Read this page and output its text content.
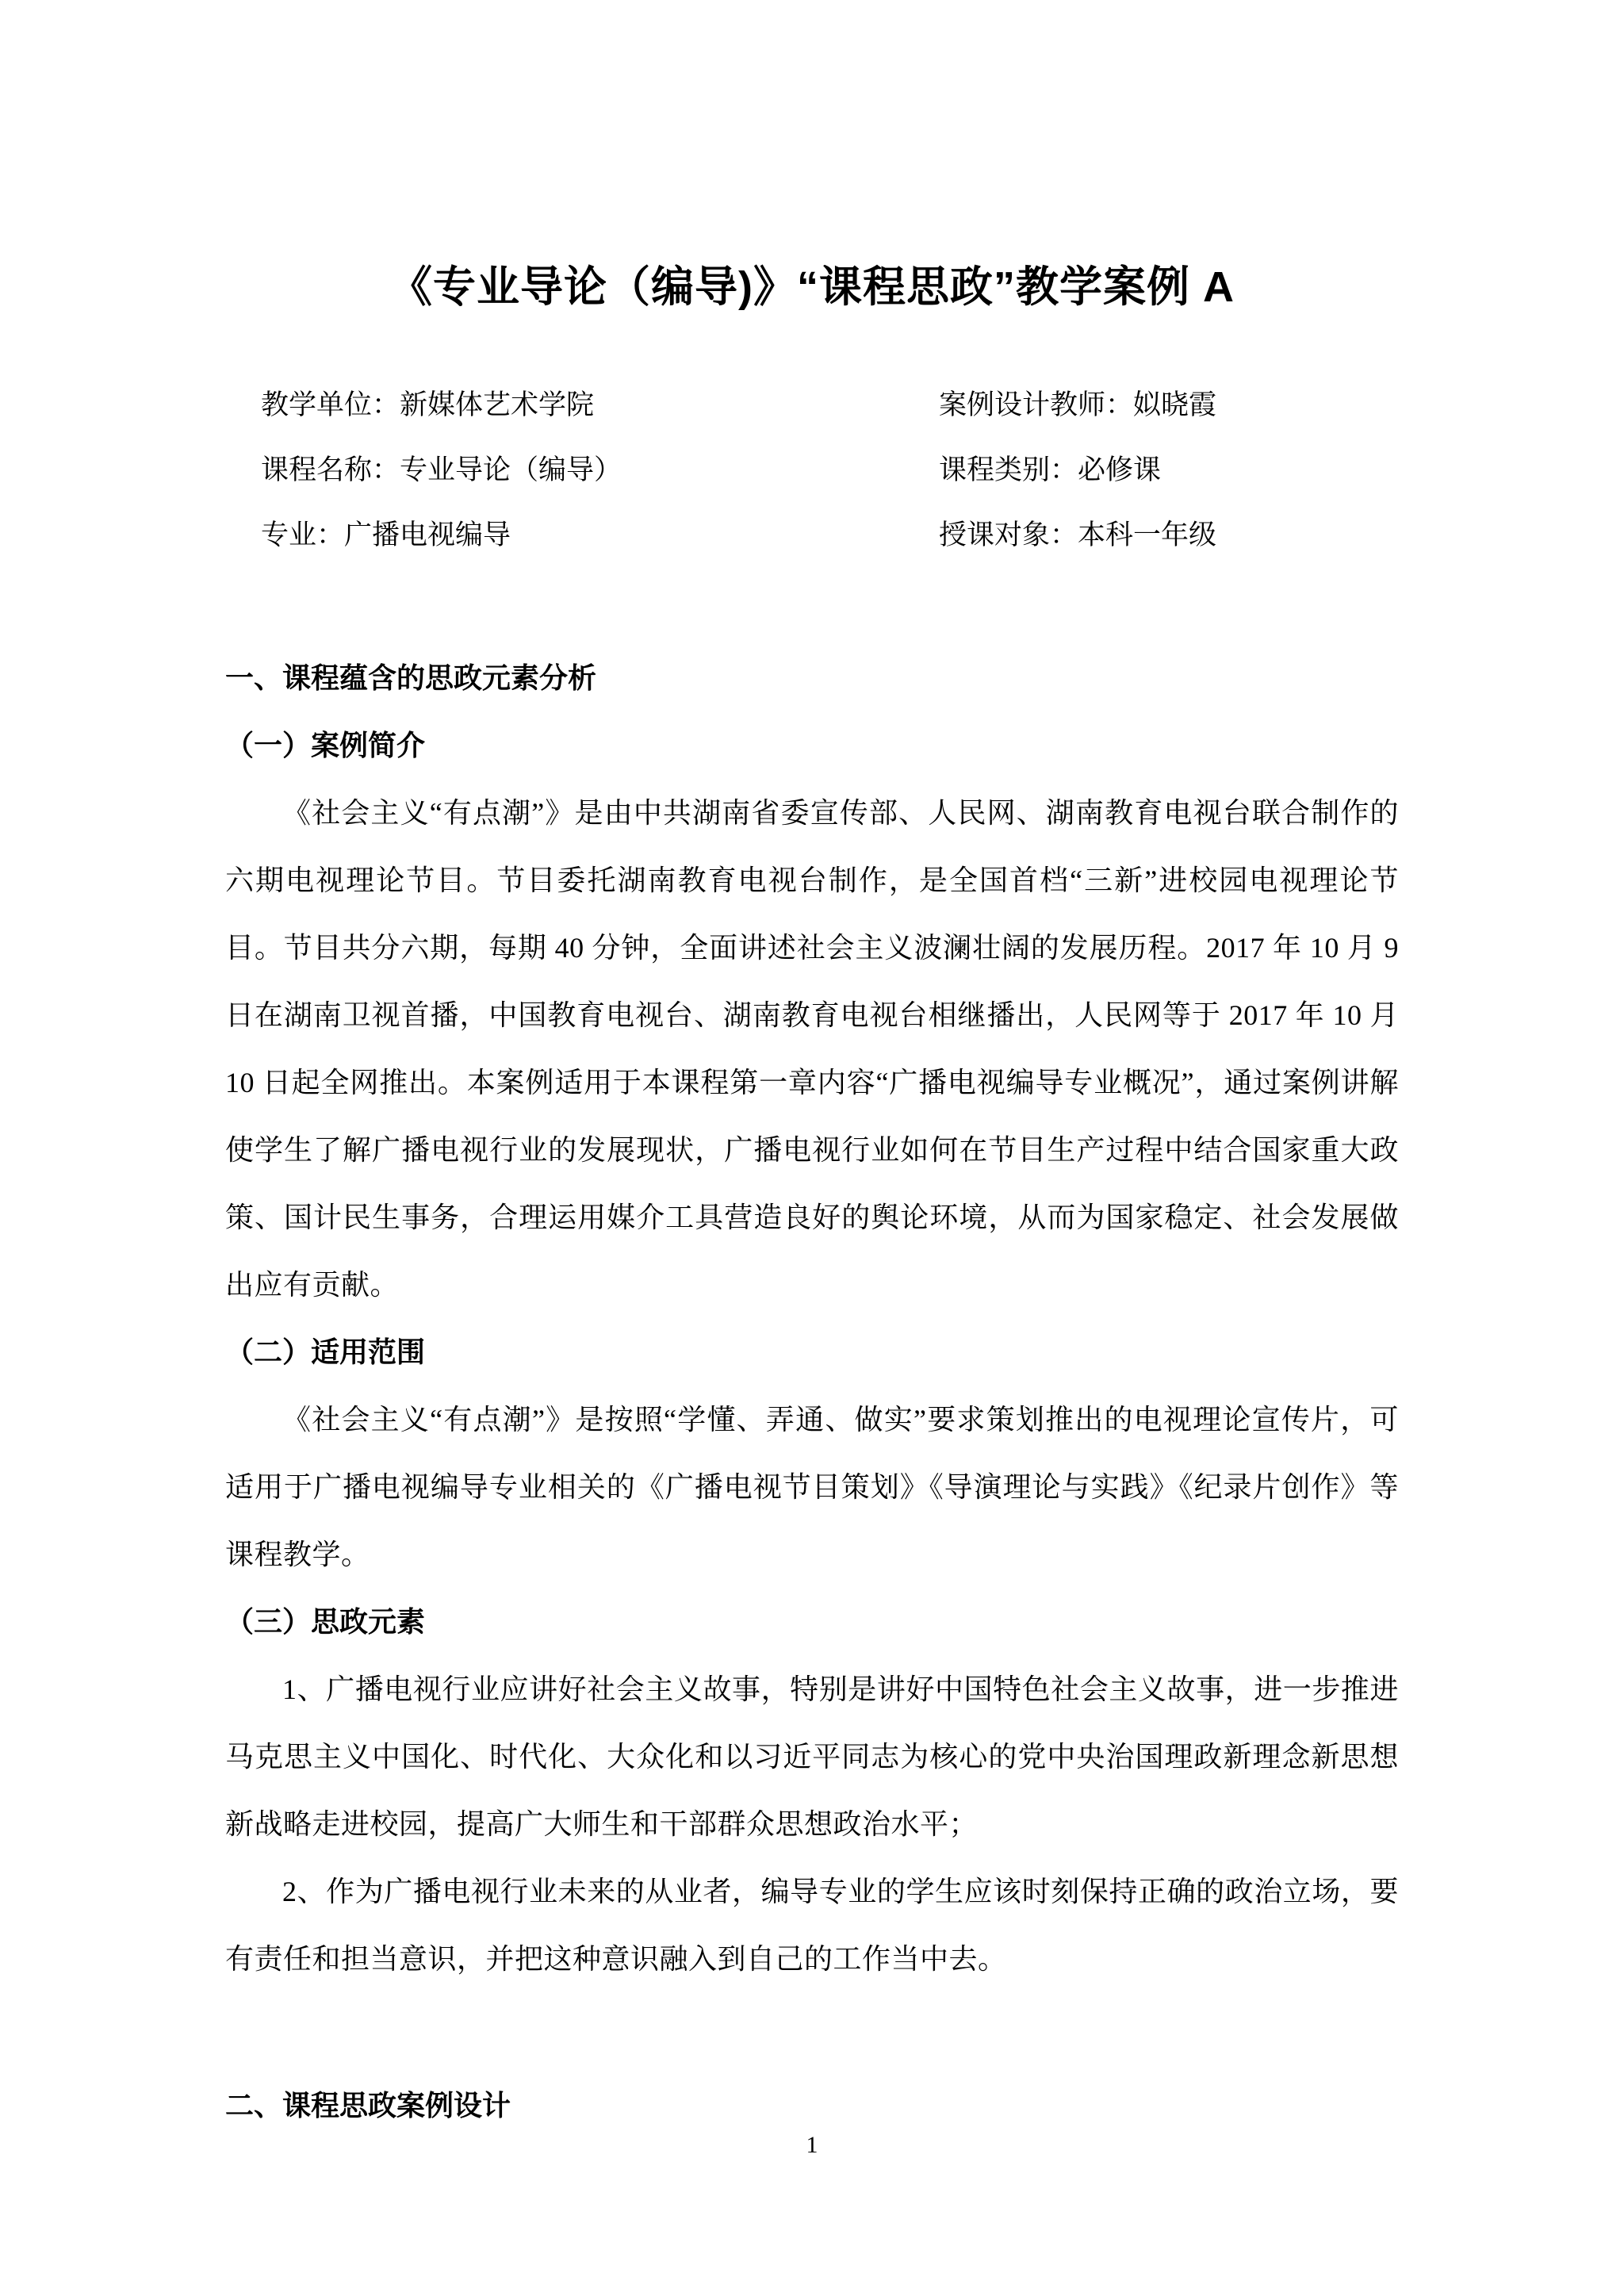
《专业导论（编导)》“课程思政”教学案例 A
教学单位：新媒体艺术学院	案例设计教师：姒晓霞
课程名称：专业导论（编导）	课程类别：必修课
专业：广播电视编导	授课对象：本科一年级
一、课程蕴含的思政元素分析
（一）案例简介

《社会主义“有点潮”》是由中共湖南省委宣传部、人民网、湖南教育电视台联合制作的六期电视理论节目。节目委托湖南教育电视台制作，是全国首档“三新”进校园电视理论节目。节目共分六期，每期 40 分钟，全面讲述社会主义波澜壮阔的发展历程。2017 年 10 月 9 日在湖南卫视首播，中国教育电视台、湖南教育电视台相继播出，人民网等于 2017 年 10 月 10 日起全网推出。本案例适用于本课程第一章内容“广播电视编导专业概况”，通过案例讲解使学生了解广播电视行业的发展现状，广播电视行业如何在节目生产过程中结合国家重大政策、国计民生事务，合理运用媒介工具营造良好的舆论环境，从而为国家稳定、社会发展做出应有贡献。

（二）适用范围

《社会主义“有点潮”》是按照“学懂、弄通、做实”要求策划推出的电视理论宣传片，可适用于广播电视编导专业相关的《广播电视节目策划》《导演理论与实践》《纪录片创作》等课程教学。

（三）思政元素

1、广播电视行业应讲好社会主义故事，特别是讲好中国特色社会主义故事，进一步推进马克思主义中国化、时代化、大众化和以习近平同志为核心的党中央治国理政新理念新思想新战略走进校园，提高广大师生和干部群众思想政治水平；

2、作为广播电视行业未来的从业者，编导专业的学生应该时刻保持正确的政治立场，要有责任和担当意识，并把这种意识融入到自己的工作当中去。

二、课程思政案例设计
1
